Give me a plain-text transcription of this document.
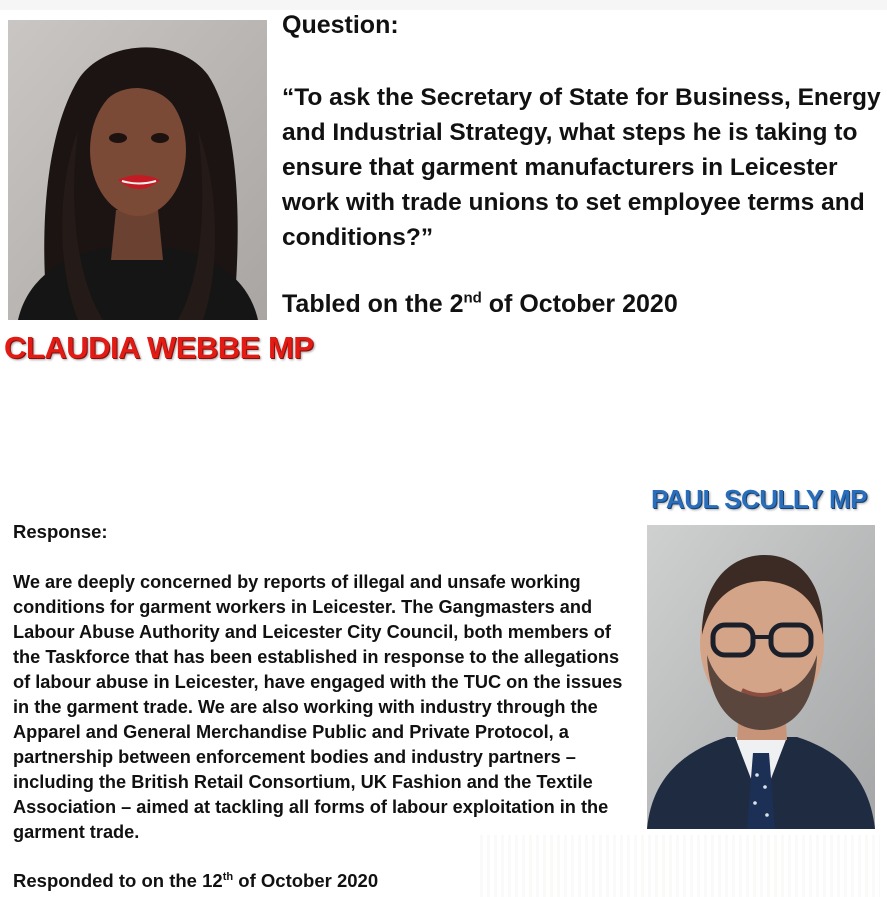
Question:

“To ask the Secretary of State for Business, Energy and Industrial Strategy, what steps he is taking to ensure that garment manufacturers in Leicester work with trade unions to set employee terms and conditions?”

Tabled on the 2nd of October 2020
CLAUDIA WEBBE MP
PAUL SCULLY MP
Response:

We are deeply concerned by reports of illegal and unsafe working conditions for garment workers in Leicester. The Gangmasters and Labour Abuse Authority and Leicester City Council, both members of the Taskforce that has been established in response to the allegations of labour abuse in Leicester, have engaged with the TUC on the issues in the garment trade. We are also working with industry through the Apparel and General Merchandise Public and Private Protocol, a partnership between enforcement bodies and industry partners – including the British Retail Consortium, UK Fashion and the Textile Association – aimed at tackling all forms of labour exploitation in the garment trade.

Responded to on the 12th of October 2020
